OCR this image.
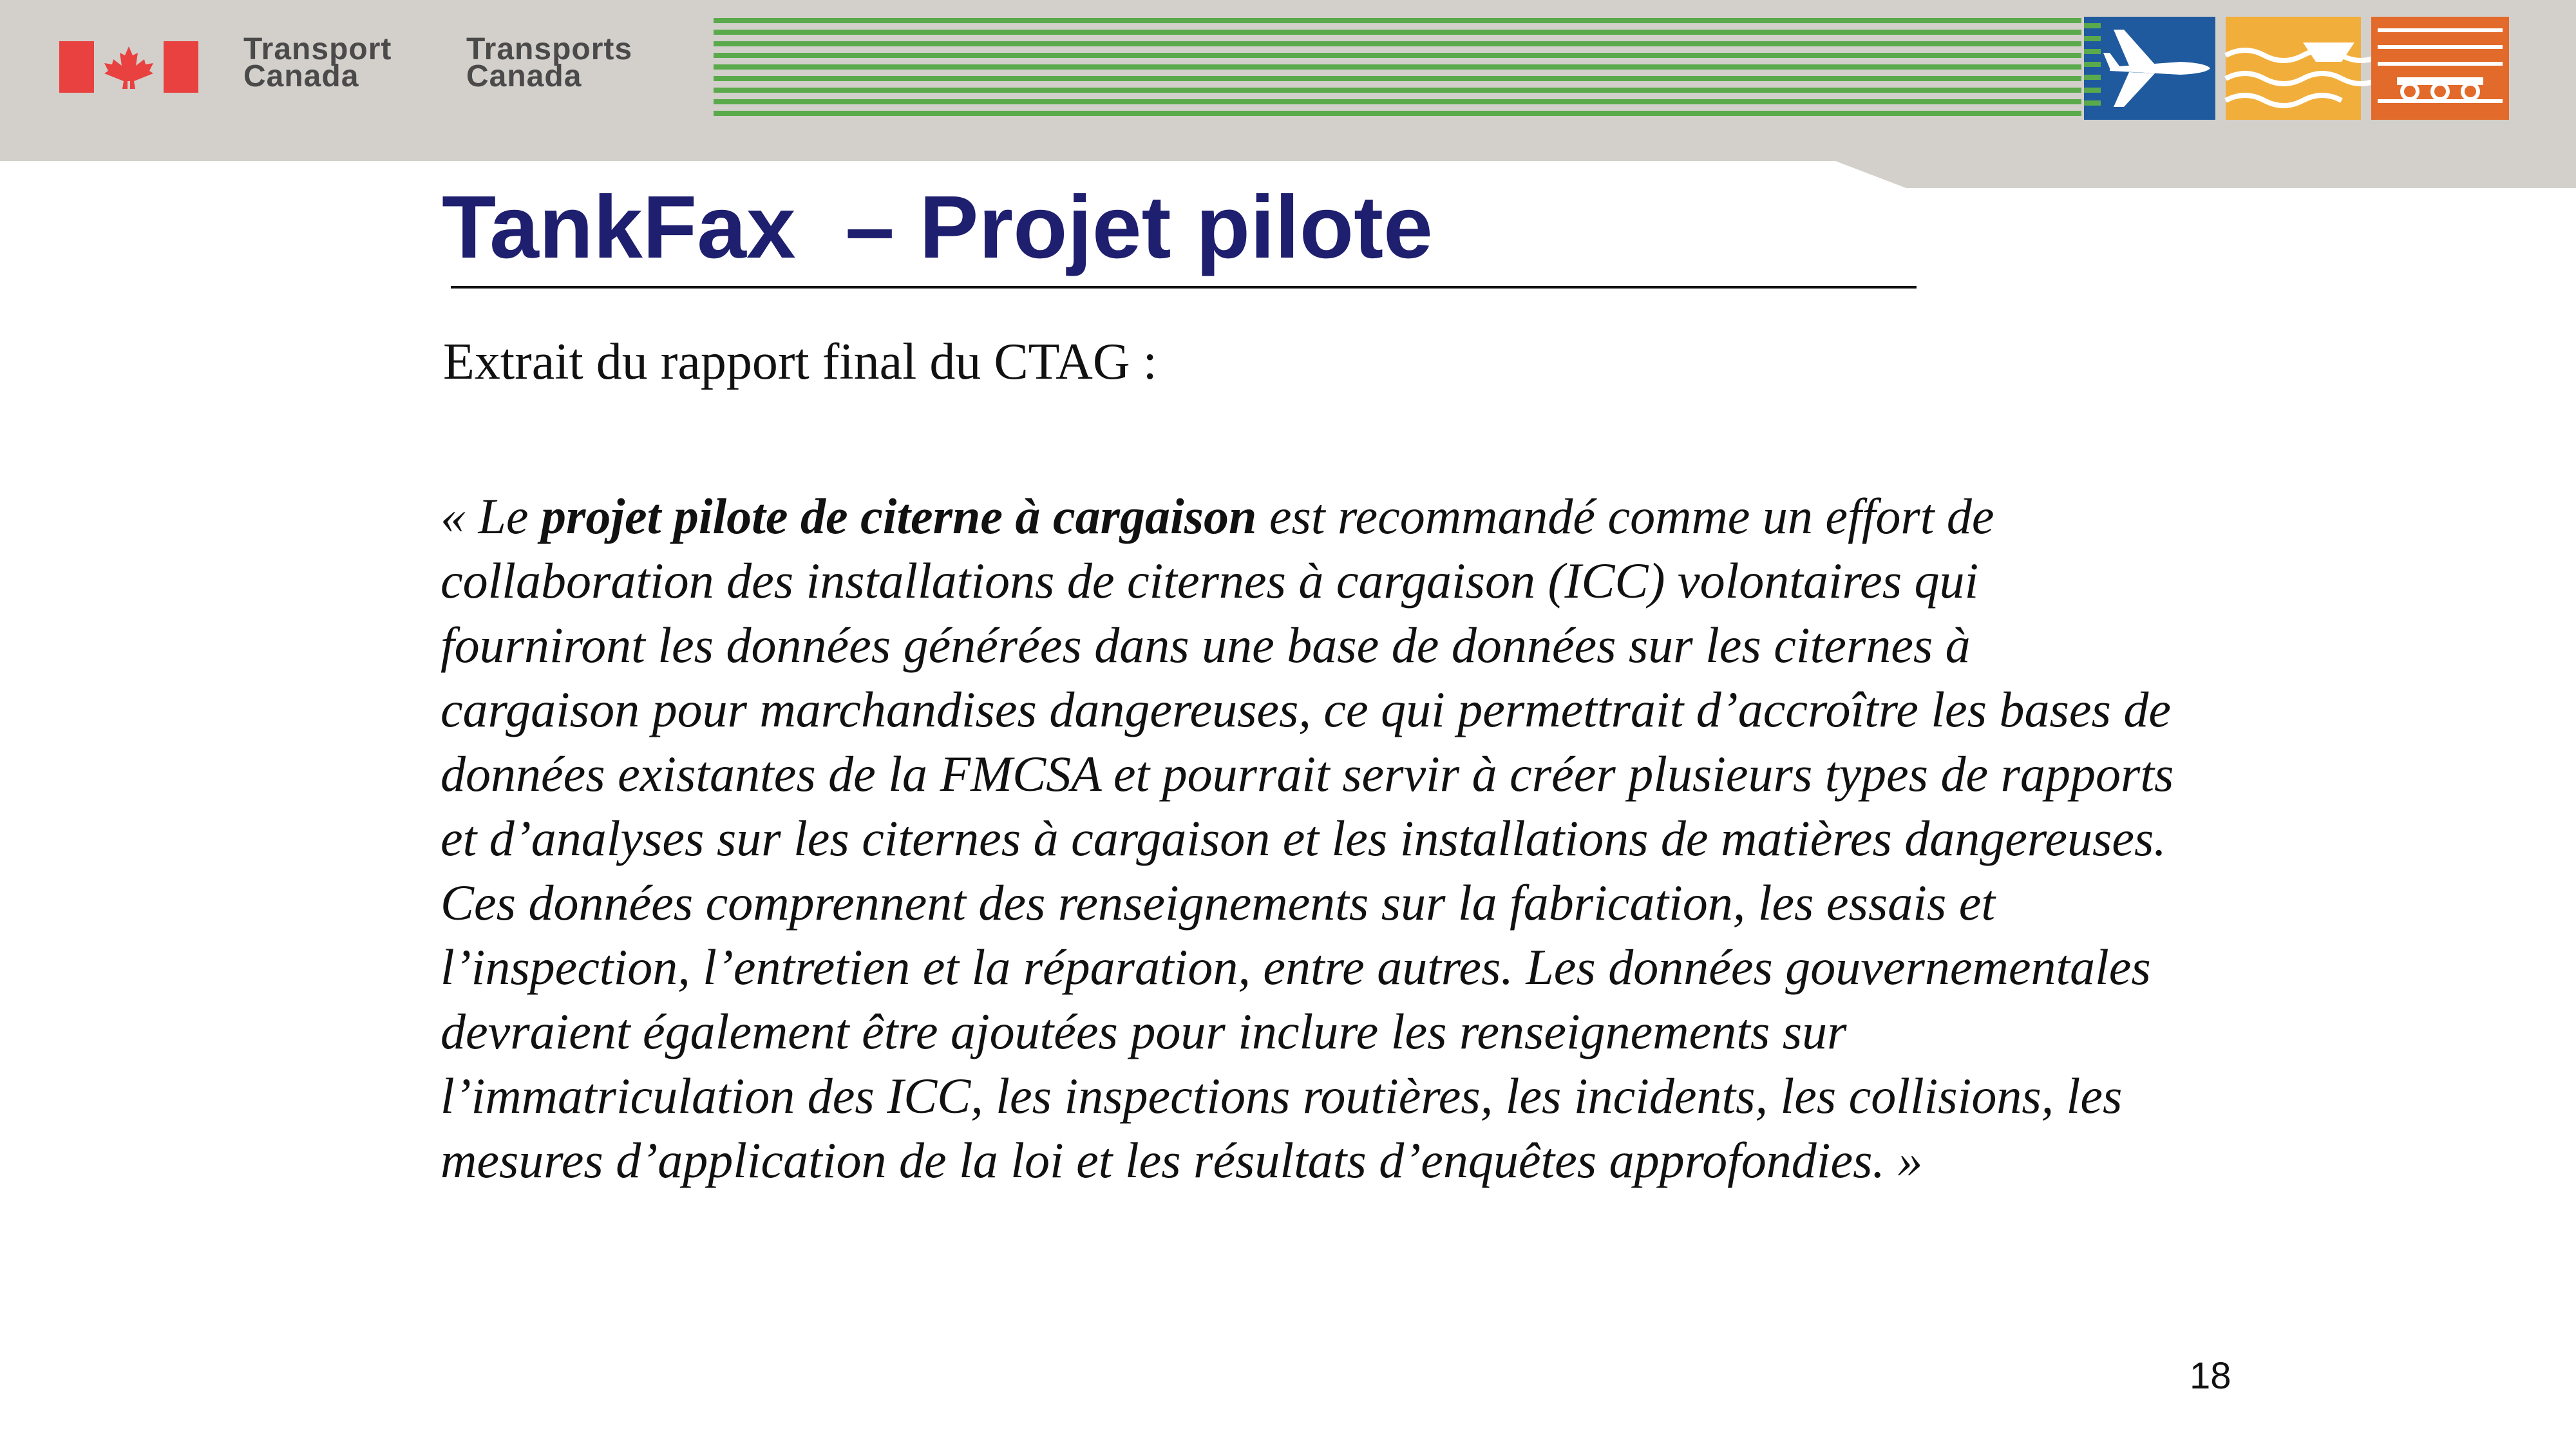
Transport
Canada
Transports
Canada
TankFax  – Projet pilote

Extrait du rapport final du CTAG :

« Le projet pilote de citerne à cargaison est recommandé comme un effort de collaboration des installations de citernes à cargaison (ICC) volontaires qui fourniront les données générées dans une base de données sur les citernes à cargaison pour marchandises dangereuses, ce qui permettrait d’accroître les bases de données existantes de la FMCSA et pourrait servir à créer plusieurs types de rapports et d’analyses sur les citernes à cargaison et les installations de matières dangereuses. Ces données comprennent des renseignements sur la fabrication, les essais et l’inspection, l’entretien et la réparation, entre autres. Les données gouvernementales devraient également être ajoutées pour inclure les renseignements sur l’immatriculation des ICC, les inspections routières, les incidents, les collisions, les mesures d’application de la loi et les résultats d’enquêtes approfondies. »

18
